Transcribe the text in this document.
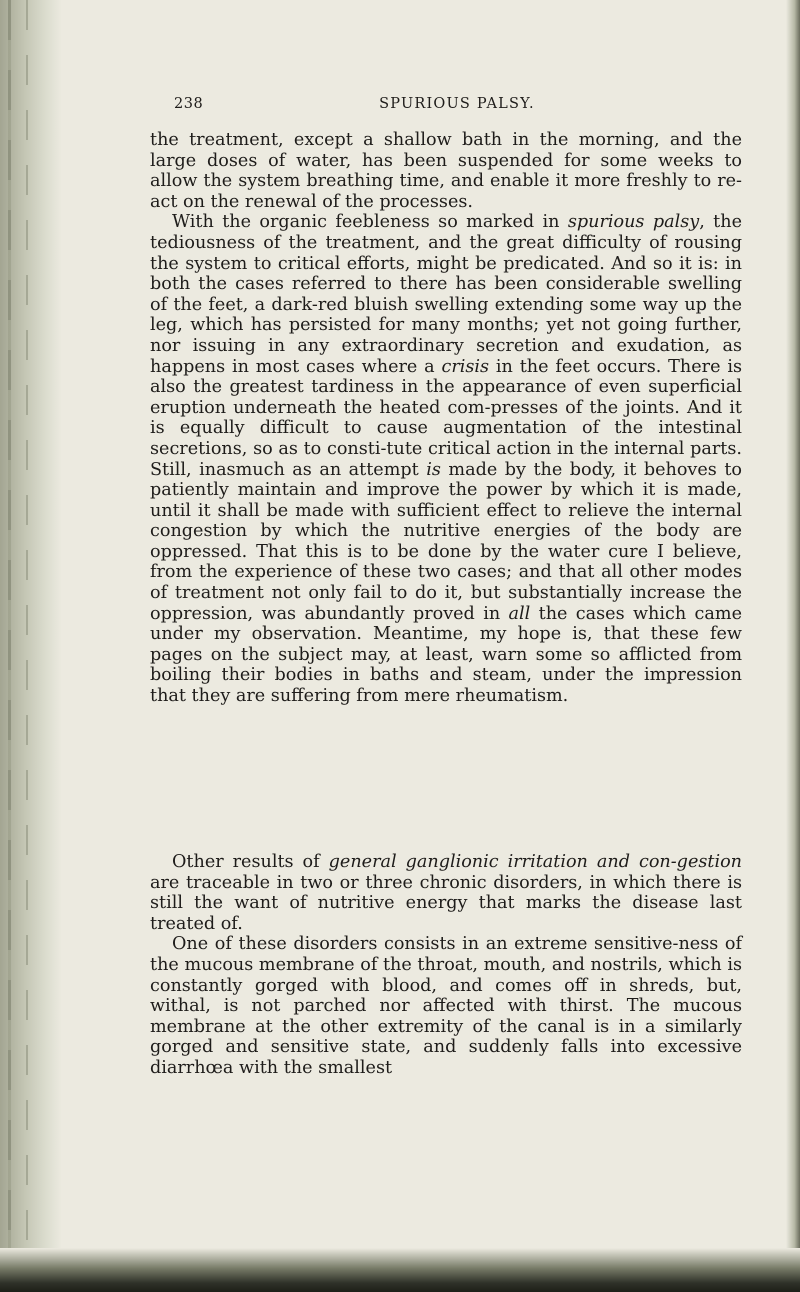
238	SPURIOUS PALSY.

the treatment, except a shallow bath in the morning, and the large doses of water, has been suspended for some weeks to allow the system breathing time, and enable it more freshly to re-act on the renewal of the processes.

With the organic feebleness so marked in spurious palsy, the tediousness of the treatment, and the great difficulty of rousing the system to critical efforts, might be predicated. And so it is: in both the cases referred to there has been considerable swelling of the feet, a dark-red bluish swelling extending some way up the leg, which has persisted for many months; yet not going further, nor issuing in any extraordinary secretion and exudation, as happens in most cases where a crisis in the feet occurs. There is also the greatest tardiness in the appearance of even superficial eruption underneath the heated com-presses of the joints. And it is equally difficult to cause augmentation of the intestinal secretions, so as to consti-tute critical action in the internal parts. Still, inasmuch as an attempt is made by the body, it behoves to patiently maintain and improve the power by which it is made, until it shall be made with sufficient effect to relieve the internal congestion by which the nutritive energies of the body are oppressed. That this is to be done by the water cure I believe, from the experience of these two cases; and that all other modes of treatment not only fail to do it, but substantially increase the oppression, was abundantly proved in all the cases which came under my observation. Meantime, my hope is, that these few pages on the subject may, at least, warn some so afflicted from boiling their bodies in baths and steam, under the impression that they are suffering from mere rheumatism.

Other results of general ganglionic irritation and con-gestion are traceable in two or three chronic disorders, in which there is still the want of nutritive energy that marks the disease last treated of.

One of these disorders consists in an extreme sensitive-ness of the mucous membrane of the throat, mouth, and nostrils, which is constantly gorged with blood, and comes off in shreds, but, withal, is not parched nor affected with thirst. The mucous membrane at the other extremity of the canal is in a similarly gorged and sensitive state, and suddenly falls into excessive diarrhœa with the smallest
